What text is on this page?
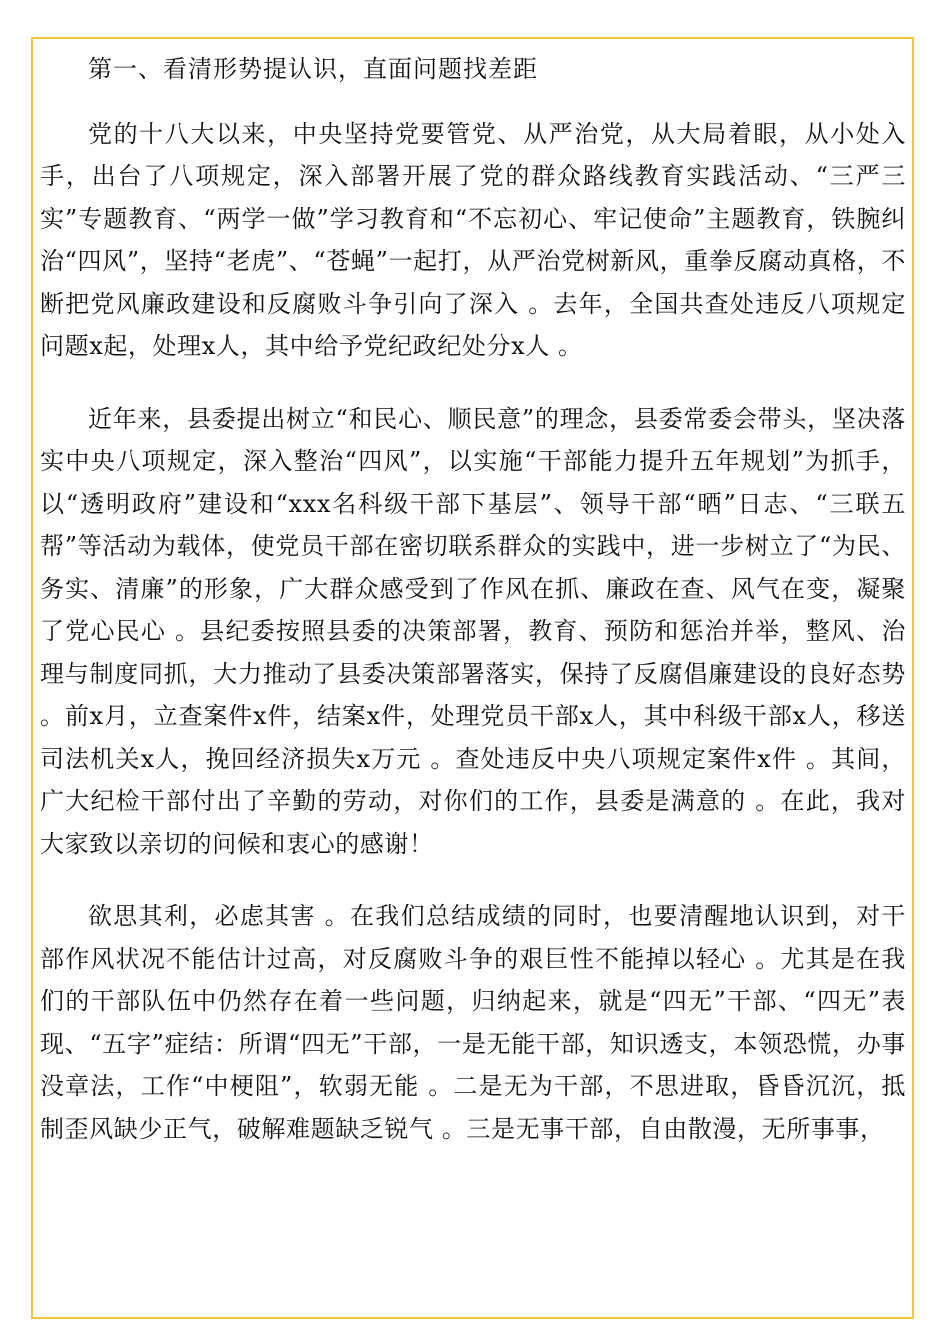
第一、看清形势提认识，直面问题找差距

党的十八大以来，中央坚持党要管党、从严治党，从大局着眼，从小处入手，出台了八项规定，深入部署开展了党的群众路线教育实践活动、“三严三实”专题教育、“两学一做”学习教育和“不忘初心、牢记使命”主题教育，铁腕纠治“四风”，坚持“老虎”、“苍蝇”一起打，从严治党树新风，重拳反腐动真格，不断把党风廉政建设和反腐败斗争引向了深入 。去年，全国共查处违反八项规定问题x起，处理x人，其中给予党纪政纪处分x人 。

近年来，县委提出树立“和民心、顺民意”的理念，县委常委会带头，坚决落实中央八项规定，深入整治“四风”，以实施“干部能力提升五年规划”为抓手，以“透明政府”建设和“xxx名科级干部下基层”、领导干部“晒”日志、“三联五帮”等活动为载体，使党员干部在密切联系群众的实践中，进一步树立了“为民、务实、清廉”的形象，广大群众感受到了作风在抓、廉政在查、风气在变，凝聚了党心民心 。县纪委按照县委的决策部署，教育、预防和惩治并举，整风、治理与制度同抓，大力推动了县委决策部署落实，保持了反腐倡廉建设的良好态势 。前x月，立查案件x件，结案x件，处理党员干部x人，其中科级干部x人，移送司法机关x人，挽回经济损失x万元 。查处违反中央八项规定案件x件 。其间，广大纪检干部付出了辛勤的劳动，对你们的工作，县委是满意的 。在此，我对大家致以亲切的问候和衷心的感谢！

欲思其利，必虑其害 。在我们总结成绩的同时，也要清醒地认识到，对干部作风状况不能估计过高，对反腐败斗争的艰巨性不能掉以轻心 。尤其是在我们的干部队伍中仍然存在着一些问题，归纳起来，就是“四无”干部、“四无”表现、“五字”症结：所谓“四无”干部，一是无能干部，知识透支，本领恐慌，办事没章法，工作“中梗阻”，软弱无能 。二是无为干部，不思进取，昏昏沉沉，抵制歪风缺少正气，破解难题缺乏锐气 。三是无事干部，自由散漫，无所事事，
